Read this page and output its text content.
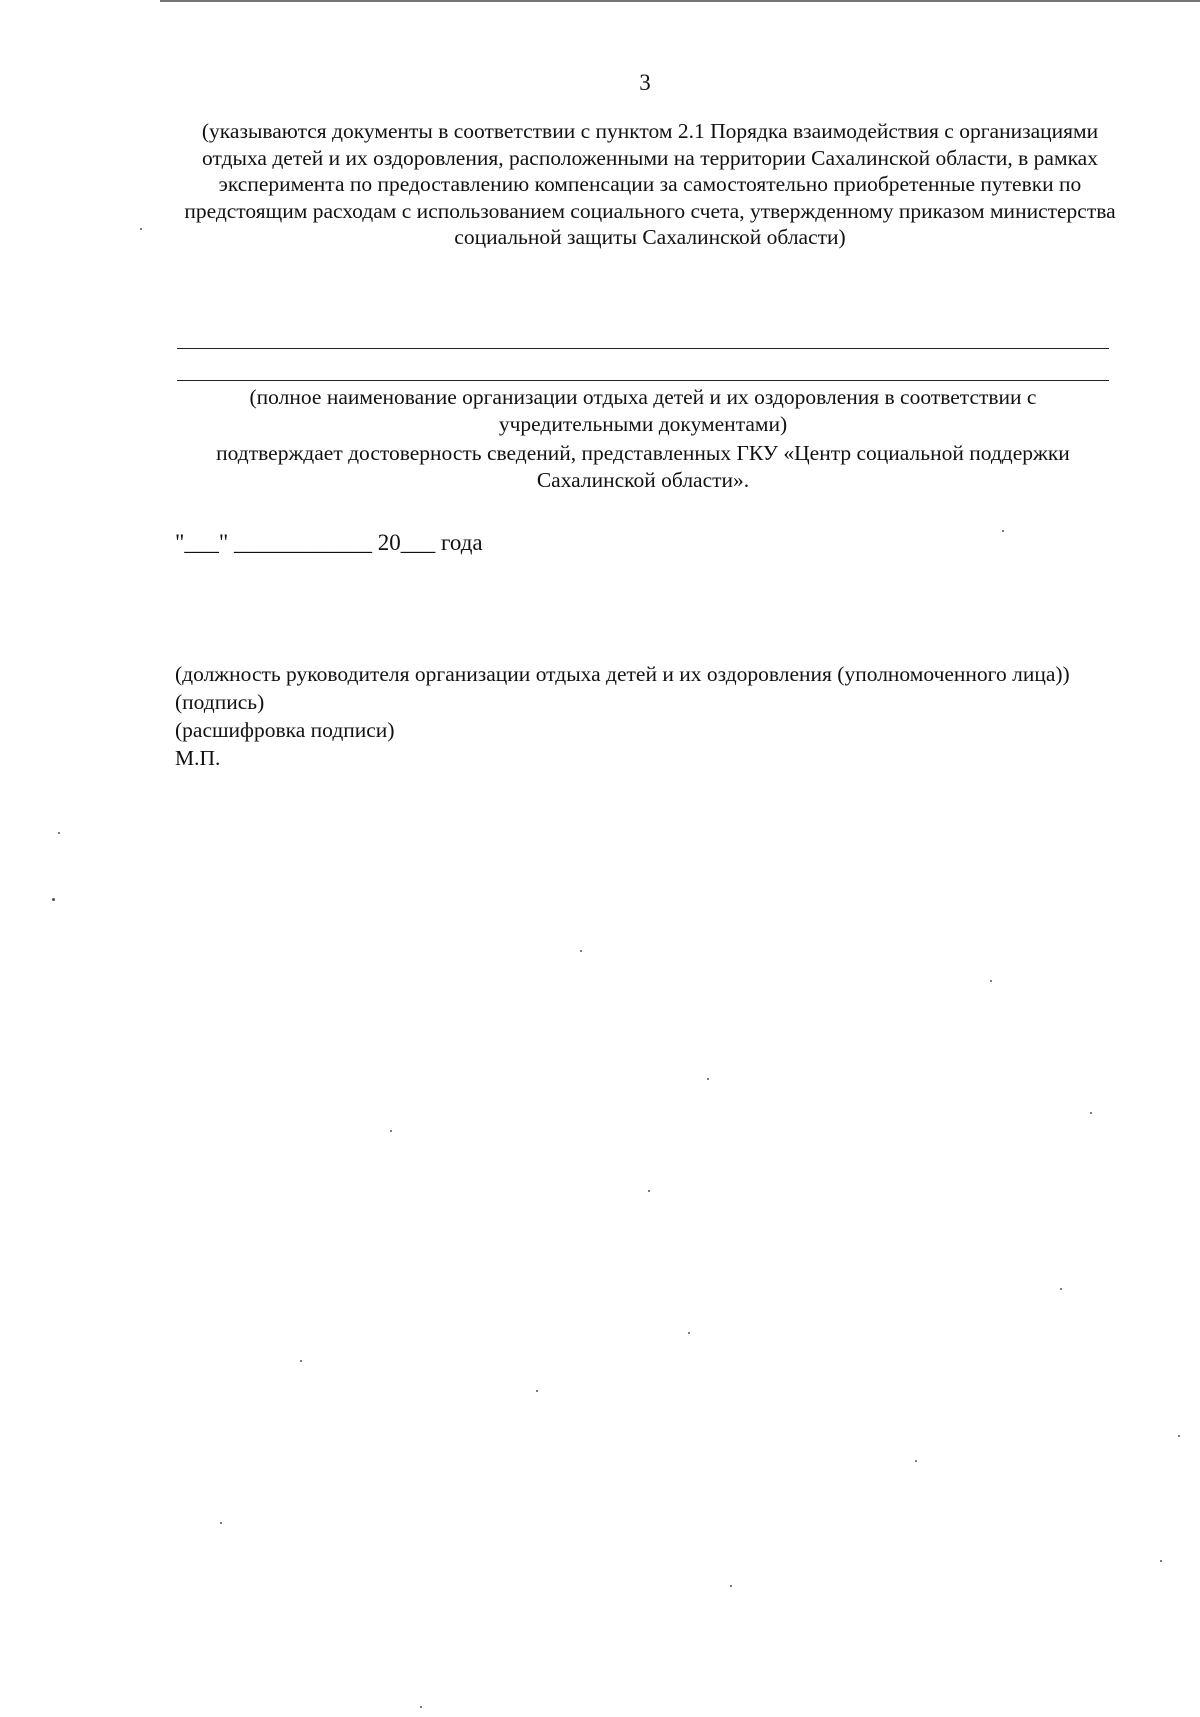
3

(указываются документы в соответствии с пунктом 2.1 Порядка взаимодействия с организациями отдыха детей и их оздоровления, расположенными на территории Сахалинской области, в рамках эксперимента по предоставлению компенсации за самостоятельно приобретенные путевки по предстоящим расходам с использованием социального счета, утвержденному приказом министерства социальной защиты Сахалинской области)

(полное наименование организации отдыха детей и их оздоровления в соответствии с учредительными документами)

подтверждает достоверность сведений, представленных ГКУ «Центр социальной поддержки Сахалинской области».

"___" ____________ 20___ года

(должность руководителя организации отдыха детей и их оздоровления (уполномоченного лица))
(подпись)
(расшифровка подписи)
М.П.
